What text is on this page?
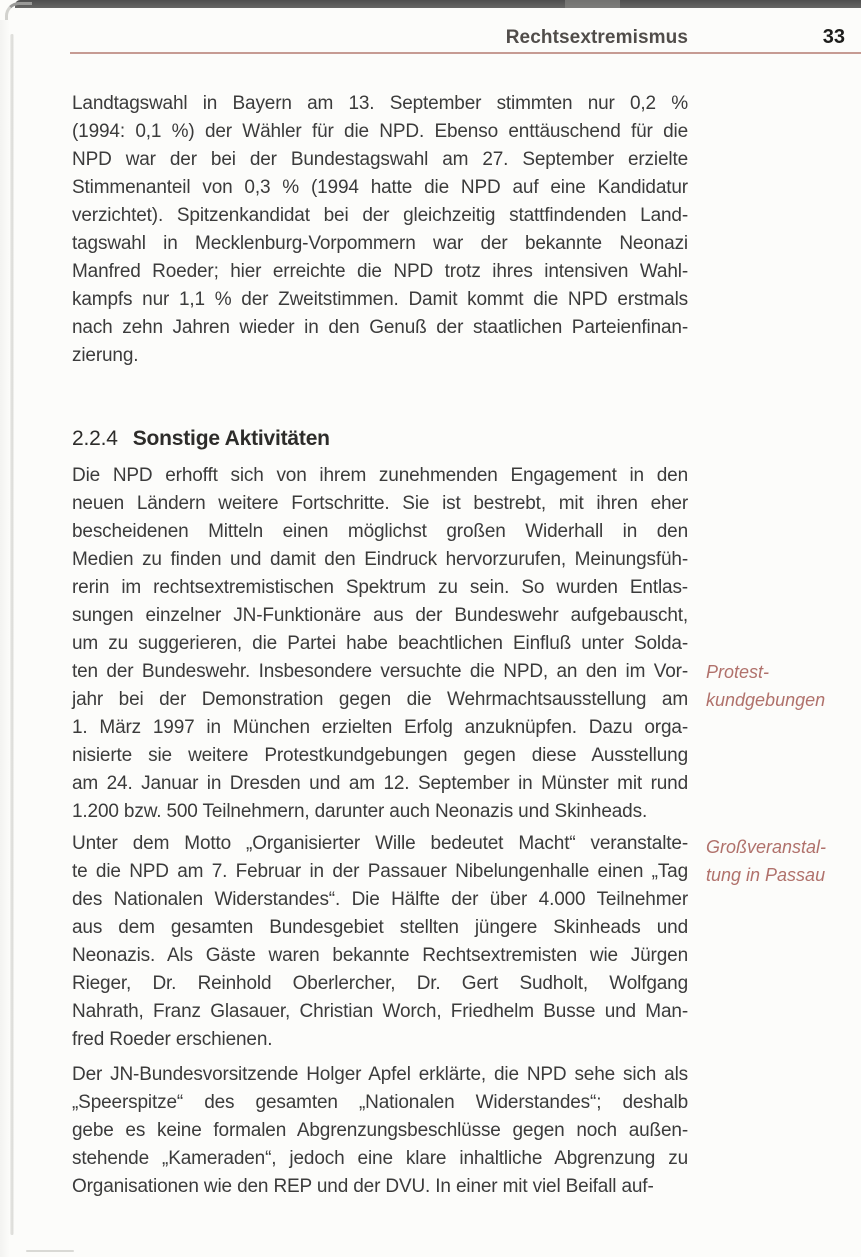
Rechtsextremismus	33
Landtagswahl in Bayern am 13. September stimmten nur 0,2 %
(1994: 0,1 %) der Wähler für die NPD. Ebenso enttäuschend für die
NPD war der bei der Bundestagswahl am 27. September erzielte
Stimmenanteil von 0,3 % (1994 hatte die NPD auf eine Kandidatur
verzichtet). Spitzenkandidat bei der gleichzeitig stattfindenden Land-
tagswahl in Mecklenburg-Vorpommern war der bekannte Neonazi
Manfred Roeder; hier erreichte die NPD trotz ihres intensiven Wahl-
kampfs nur 1,1 % der Zweitstimmen. Damit kommt die NPD erstmals
nach zehn Jahren wieder in den Genuß der staatlichen Parteienfinan-
zierung.
2.2.4 Sonstige Aktivitäten
Die NPD erhofft sich von ihrem zunehmenden Engagement in den
neuen Ländern weitere Fortschritte. Sie ist bestrebt, mit ihren eher
bescheidenen Mitteln einen möglichst großen Widerhall in den
Medien zu finden und damit den Eindruck hervorzurufen, Meinungsfüh-
rerin im rechtsextremistischen Spektrum zu sein. So wurden Entlas-
sungen einzelner JN-Funktionäre aus der Bundeswehr aufgebauscht,
um zu suggerieren, die Partei habe beachtlichen Einfluß unter Solda-
ten der Bundeswehr. Insbesondere versuchte die NPD, an den im Vor-
jahr bei der Demonstration gegen die Wehrmachtsausstellung am
1. März 1997 in München erzielten Erfolg anzuknüpfen. Dazu orga-
nisierte sie weitere Protestkundgebungen gegen diese Ausstellung
am 24. Januar in Dresden und am 12. September in Münster mit rund
1.200 bzw. 500 Teilnehmern, darunter auch Neonazis und Skinheads.
Unter dem Motto „Organisierter Wille bedeutet Macht“ veranstalte-
te die NPD am 7. Februar in der Passauer Nibelungenhalle einen „Tag
des Nationalen Widerstandes“. Die Hälfte der über 4.000 Teilnehmer
aus dem gesamten Bundesgebiet stellten jüngere Skinheads und
Neonazis. Als Gäste waren bekannte Rechtsextremisten wie Jürgen
Rieger, Dr. Reinhold Oberlercher, Dr. Gert Sudholt, Wolfgang
Nahrath, Franz Glasauer, Christian Worch, Friedhelm Busse und Man-
fred Roeder erschienen.
Der JN-Bundesvorsitzende Holger Apfel erklärte, die NPD sehe sich als
„Speerspitze“ des gesamten „Nationalen Widerstandes“; deshalb
gebe es keine formalen Abgrenzungsbeschlüsse gegen noch außen-
stehende „Kameraden“, jedoch eine klare inhaltliche Abgrenzung zu
Organisationen wie den REP und der DVU. In einer mit viel Beifall auf-
Protest-
kundgebungen
Großveranstal-
tung in Passau
